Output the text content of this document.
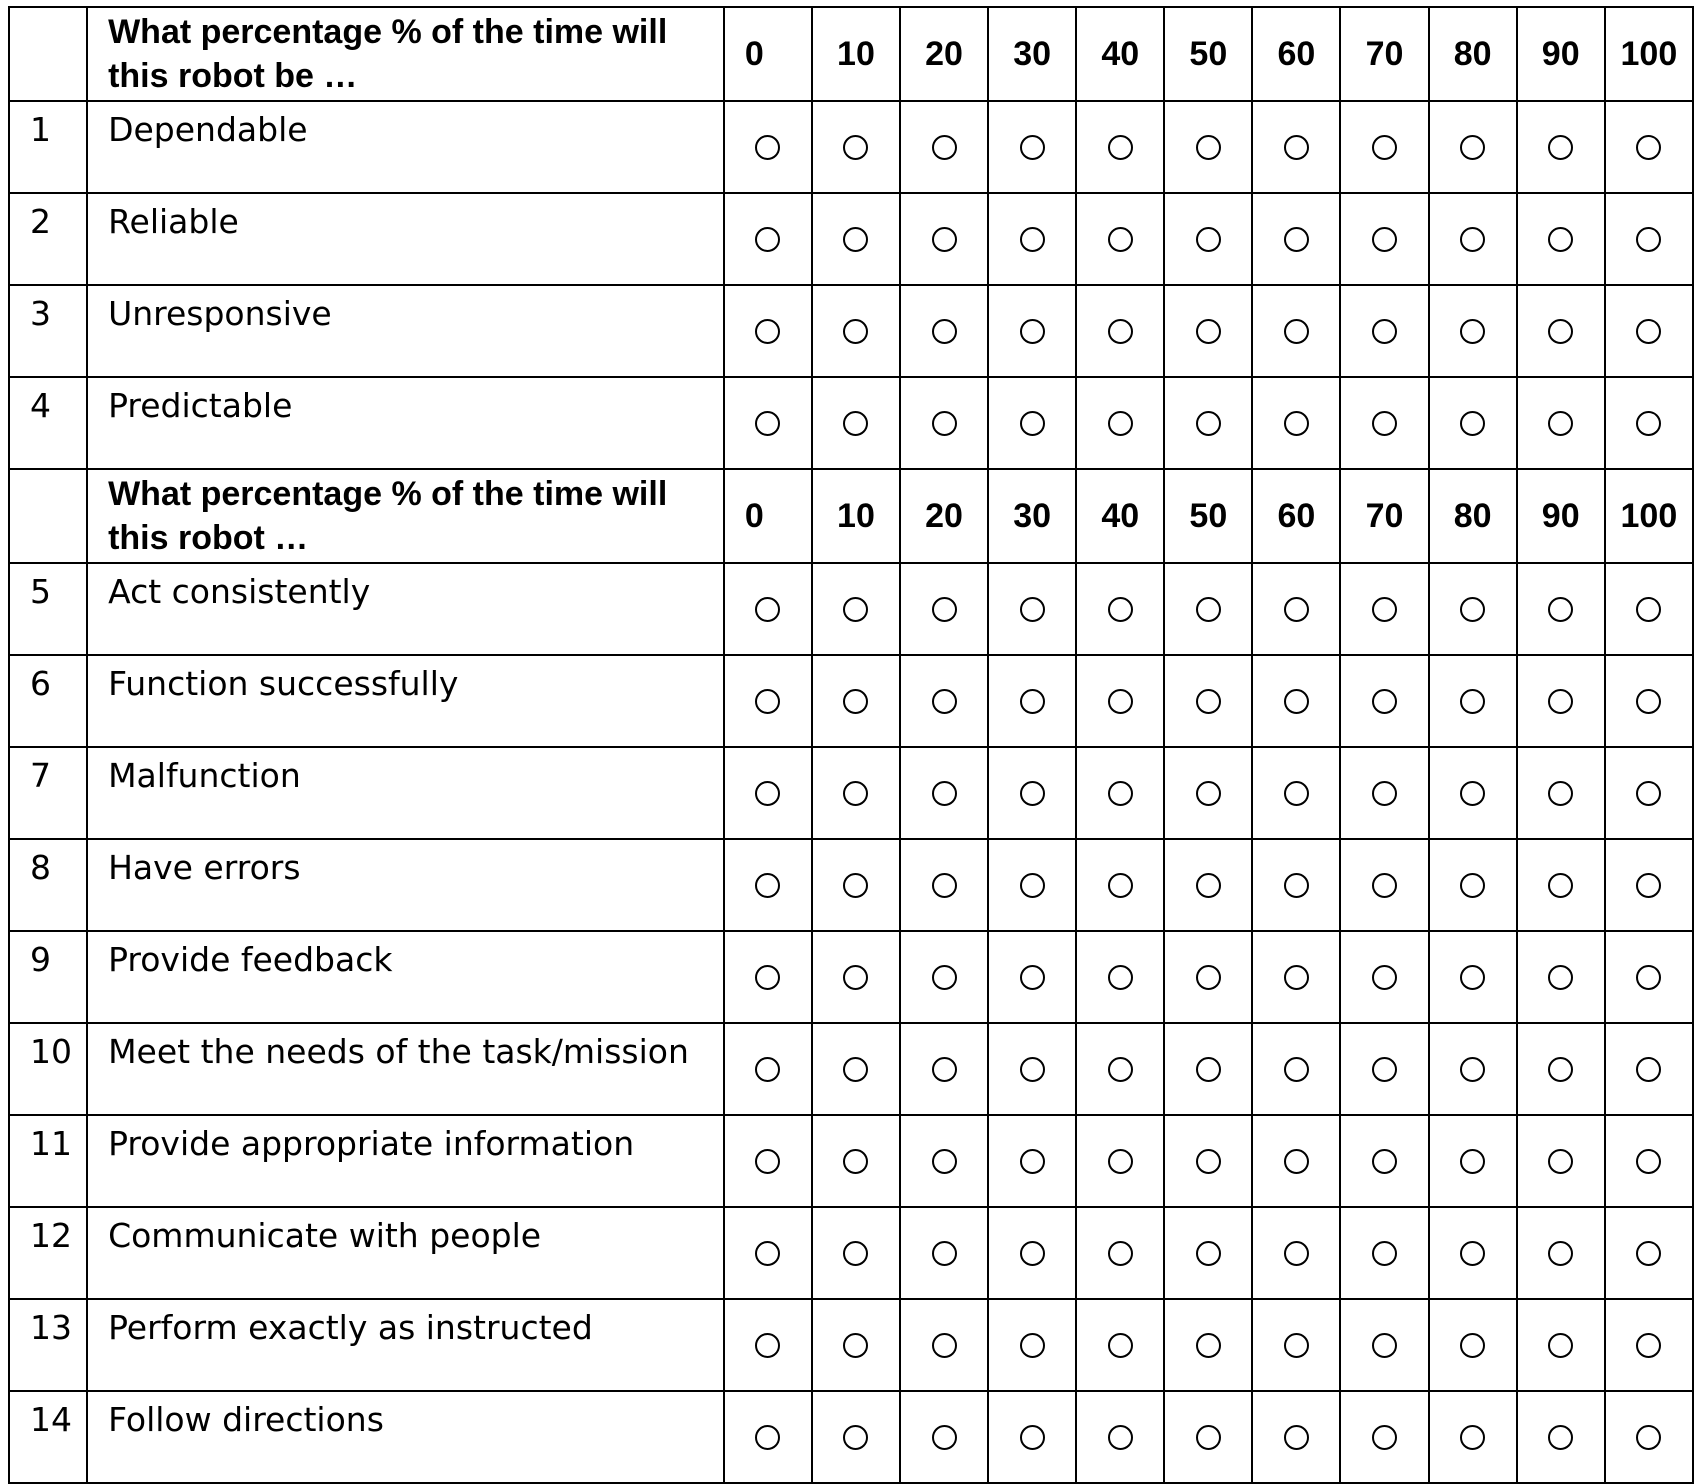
	What percentage % of the time will this robot be …	0	10	20	30	40	50	60	70	80	90	100
1	Dependable											
2	Reliable											
3	Unresponsive											
4	Predictable											
	What percentage % of the time will this robot …	0	10	20	30	40	50	60	70	80	90	100
5	Act consistently											
6	Function successfully											
7	Malfunction											
8	Have errors											
9	Provide feedback											
10	Meet the needs of the task/mission											
11	Provide appropriate information											
12	Communicate with people											
13	Perform exactly as instructed											
14	Follow directions											
